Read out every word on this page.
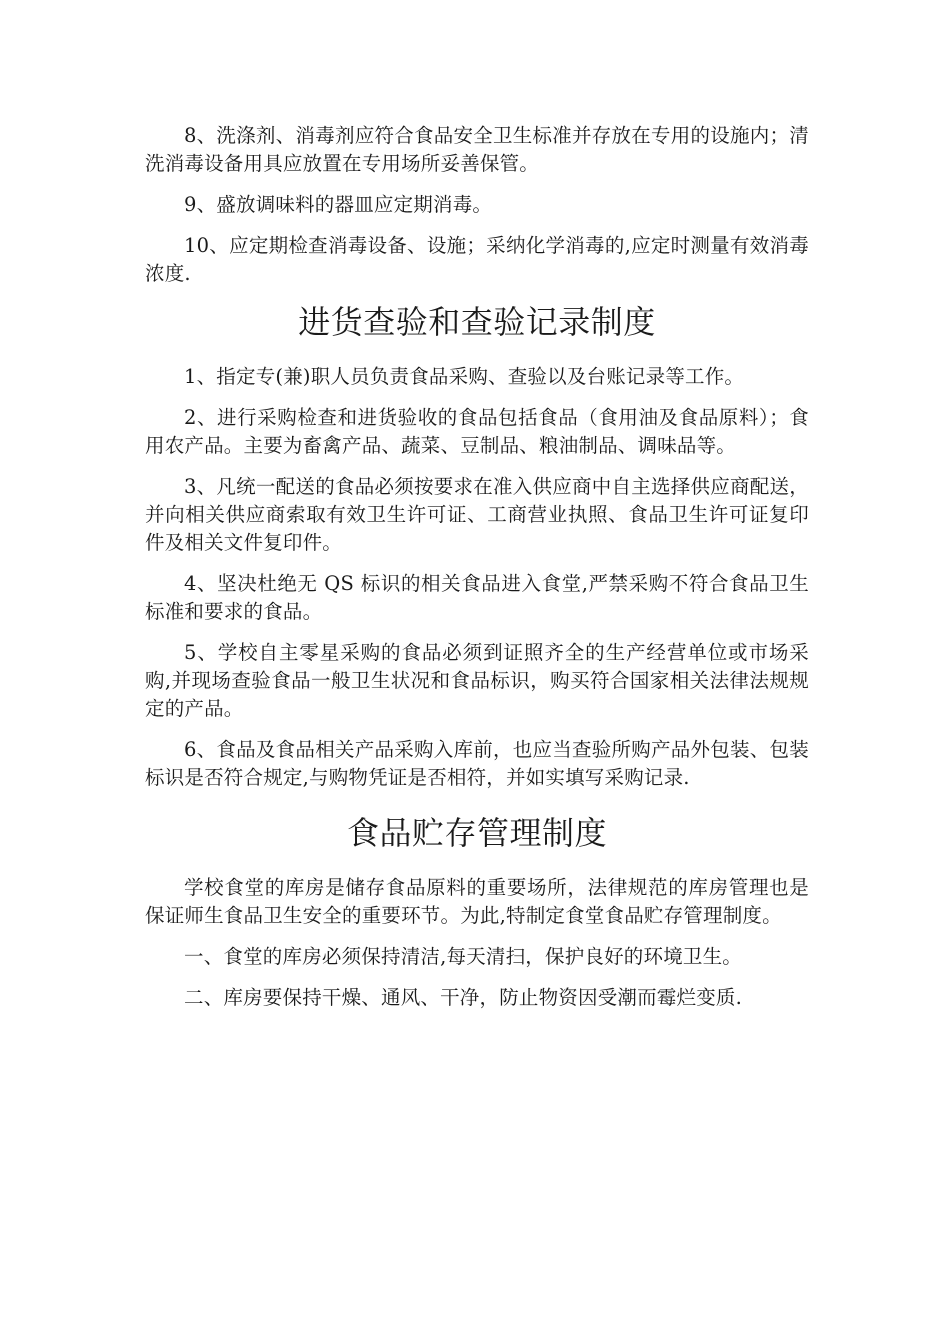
8、洗涤剂、消毒剂应符合食品安全卫生标准并存放在专用的设施内；清洗消毒设备用具应放置在专用场所妥善保管。

9、盛放调味料的器皿应定期消毒。

10、应定期检查消毒设备、设施；采纳化学消毒的,应定时测量有效消毒浓度.

进货查验和查验记录制度

1、指定专(兼)职人员负责食品采购、查验以及台账记录等工作。

2、进行采购检查和进货验收的食品包括食品（食用油及食品原料）；食用农产品。主要为畜禽产品、蔬菜、豆制品、粮油制品、调味品等。

3、凡统一配送的食品必须按要求在准入供应商中自主选择供应商配送，并向相关供应商索取有效卫生许可证、工商营业执照、食品卫生许可证复印件及相关文件复印件。

4、坚决杜绝无 QS 标识的相关食品进入食堂,严禁采购不符合食品卫生标准和要求的食品。

5、学校自主零星采购的食品必须到证照齐全的生产经营单位或市场采购,并现场查验食品一般卫生状况和食品标识，购买符合国家相关法律法规规定的产品。

6、食品及食品相关产品采购入库前，也应当查验所购产品外包装、包装标识是否符合规定,与购物凭证是否相符，并如实填写采购记录.

食品贮存管理制度

学校食堂的库房是储存食品原料的重要场所，法律规范的库房管理也是保证师生食品卫生安全的重要环节。为此,特制定食堂食品贮存管理制度。

一、食堂的库房必须保持清洁,每天清扫，保护良好的环境卫生。

二、库房要保持干燥、通风、干净，防止物资因受潮而霉烂变质.
